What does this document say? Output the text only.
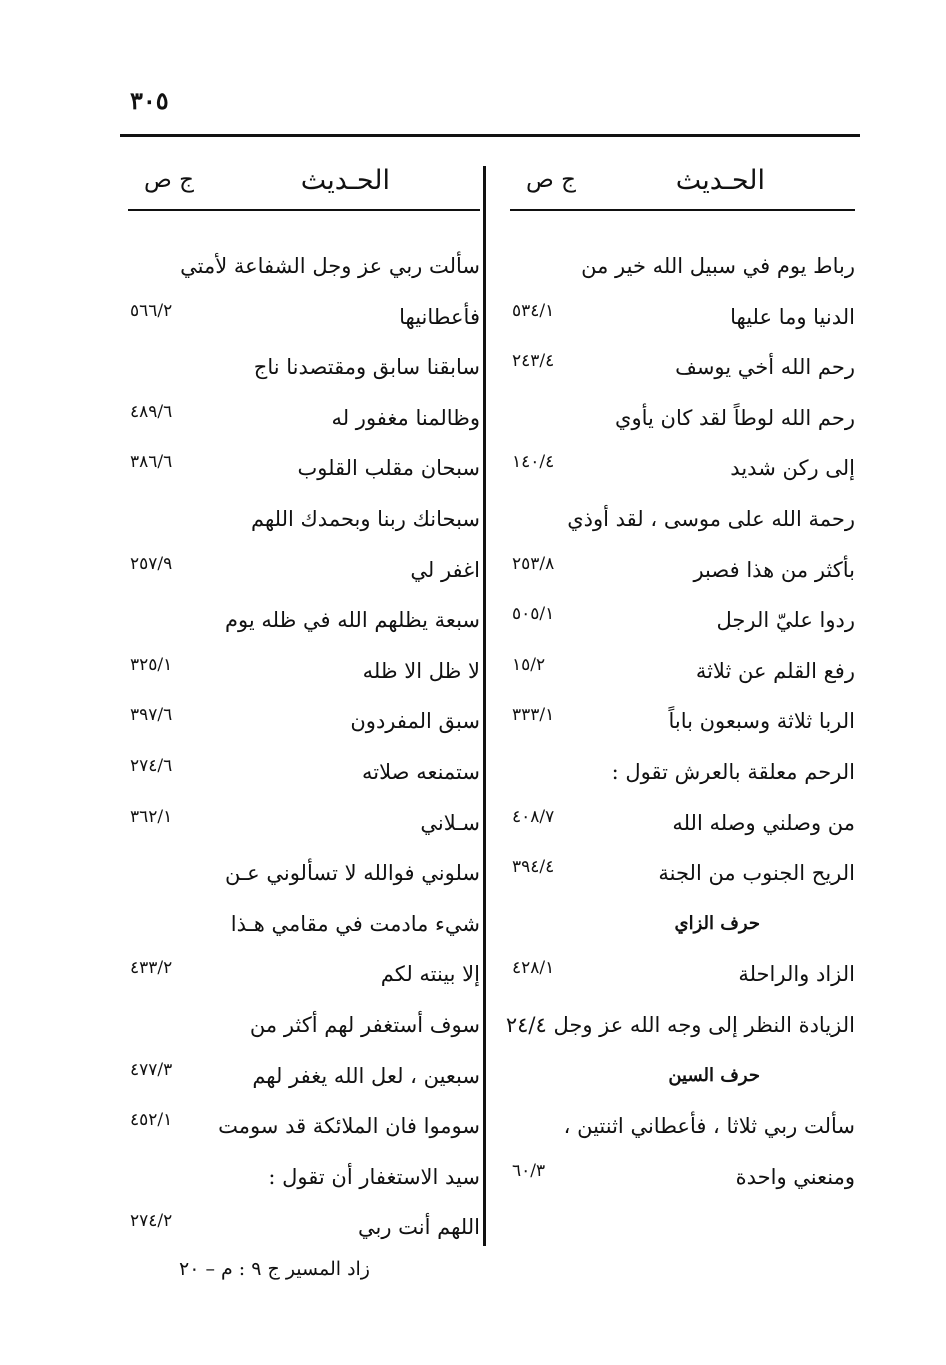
٣٠٥
الحـديث
ج ص
رباط يوم في سبيل الله خير من
الدنيا وما عليها
٥٣٤/١
رحم الله أخي يوسف
٢٤٣/٤
رحم الله لوطاً لقد كان يأوي
إلى ركن شديد
١٤٠/٤
رحمة الله على موسى ، لقد أوذي
بأكثر من هذا فصبر
٢٥٣/٨
ردوا عليّ الرجل
٥٠٥/١
رفع القلم عن ثلاثة
١٥/٢
الربا ثلاثة وسبعون باباً
٣٣٣/١
الرحم معلقة بالعرش تقول :
من وصلني وصله الله
٤٠٨/٧
الريح الجنوب من الجنة
٣٩٤/٤
حرف الزاي
الزاد والراحلة
٤٢٨/١
الزيادة النظر إلى وجه الله عز وجل ٢٤/٤
حرف السين
سألت ربي ثلاثا ، فأعطاني اثنتين ،
ومنعني واحدة
٦٠/٣
الحـديث
ج ص
سألت ربي عز وجل الشفاعة لأمتي
فأعطانيها
٥٦٦/٢
سابقنا سابق ومقتصدنا ناج
وظالمنا مغفور له
٤٨٩/٦
سبحان مقلب القلوب
٣٨٦/٦
سبحانك ربنا وبحمدك اللهم
اغفر لي
٢٥٧/٩
سبعة يظلهم الله في ظله يوم
لا ظل الا ظله
٣٢٥/١
سبق المفردون
٣٩٧/٦
ستمنعه صلاته
٢٧٤/٦
سـلاني
٣٦٢/١
سلوني فوالله لا تسألوني عـن
شيء مادمت في مقامي هـذا
إلا بينته لكم
٤٣٣/٢
سوف أستغفر لهم أكثر من
سبعين ، لعل الله يغفر لهم
٤٧٧/٣
سوموا فان الملائكة قد سومت
٤٥٢/١
سيد الاستغفار أن تقول :
اللهم أنت ربي
٢٧٤/٢
زاد المسير ج ٩ : م – ٢٠
